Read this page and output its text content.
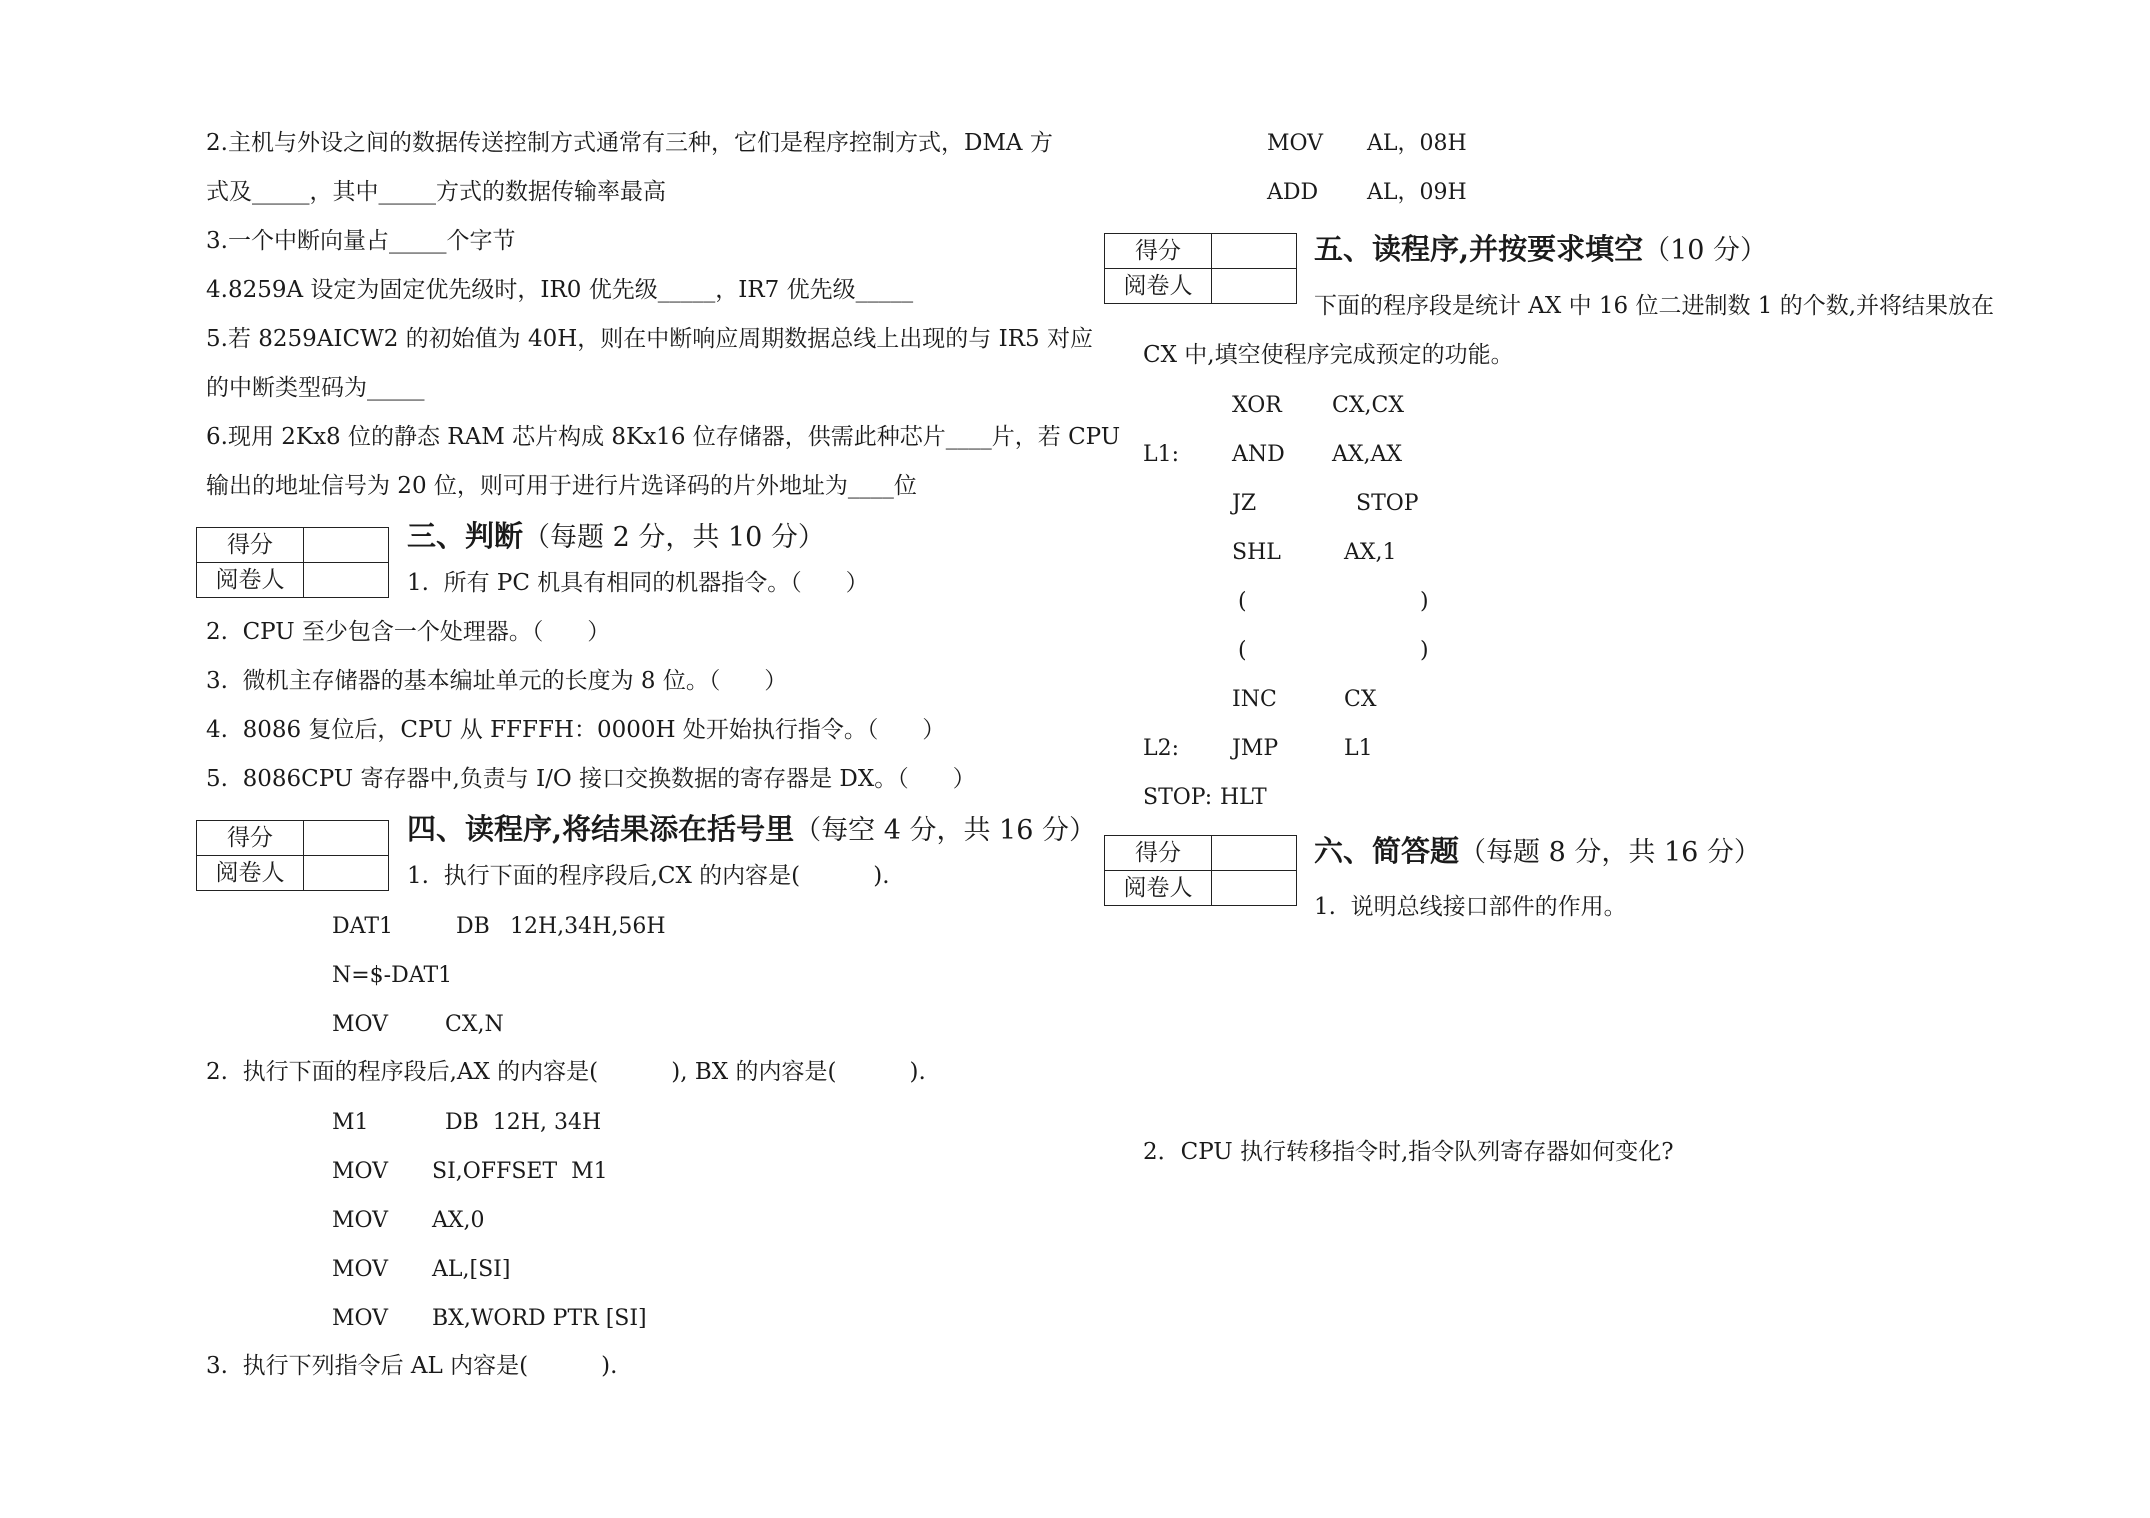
2.主机与外设之间的数据传送控制方式通常有三种，它们是程序控制方式，DMA 方
式及_____，其中_____方式的数据传输率最高
3.一个中断向量占_____个字节
4.8259A 设定为固定优先级时，IR0 优先级_____，IR7 优先级_____
5.若 8259AICW2 的初始值为 40H，则在中断响应周期数据总线上出现的与 IR5 对应
的中断类型码为_____
6.现用 2Kx8 位的静态 RAM 芯片构成 8Kx16 位存储器，供需此种芯片____片，若 CPU
输出的地址信号为 20 位，则可用于进行片选译码的片外地址为____位
得分	
阅卷人	
三、判断（每题 2 分，共 10 分）
1.  所有 PC 机具有相同的机器指令。（      ）
2.  CPU 至少包含一个处理器。（      ）
3.  微机主存储器的基本编址单元的长度为 8 位。（      ）
4.  8086 复位后，CPU 从 FFFFH：0000H 处开始执行指令。（      ）
5.  8086CPU 寄存器中,负责与 I/O 接口交换数据的寄存器是 DX。（      ）
得分	
阅卷人	
四、读程序,将结果添在括号里（每空 4 分，共 16 分）
1.  执行下面的程序段后,CX 的内容是(          ).
DAT1	DB 12H,34H,56H
N=$-DAT1
MOV	CX,N
2.  执行下面的程序段后,AX 的内容是(          ), BX 的内容是(          ).
M1	DB  12H, 34H
MOV SI,OFFSET  M1
MOV AX,0
MOV AL,[SI]
MOV BX,WORD PTR [SI]
3.  执行下列指令后 AL 内容是(          ).
MOV AL，08H
ADD AL，09H
得分	
阅卷人	
五、读程序,并按要求填空（10 分）
下面的程序段是统计 AX 中 16 位二进制数 1 的个数,并将结果放在
CX 中,填空使程序完成预定的功能。
XOR CX,CX
L1: AND AX,AX
JZ	STOP
SHL	AX,1
(	)
(	)
INC	CX
L2: JMP	L1
STOP: HLT
得分	
阅卷人	
六、简答题（每题 8 分，共 16 分）
1.  说明总线接口部件的作用。
2．CPU 执行转移指令时,指令队列寄存器如何变化?
